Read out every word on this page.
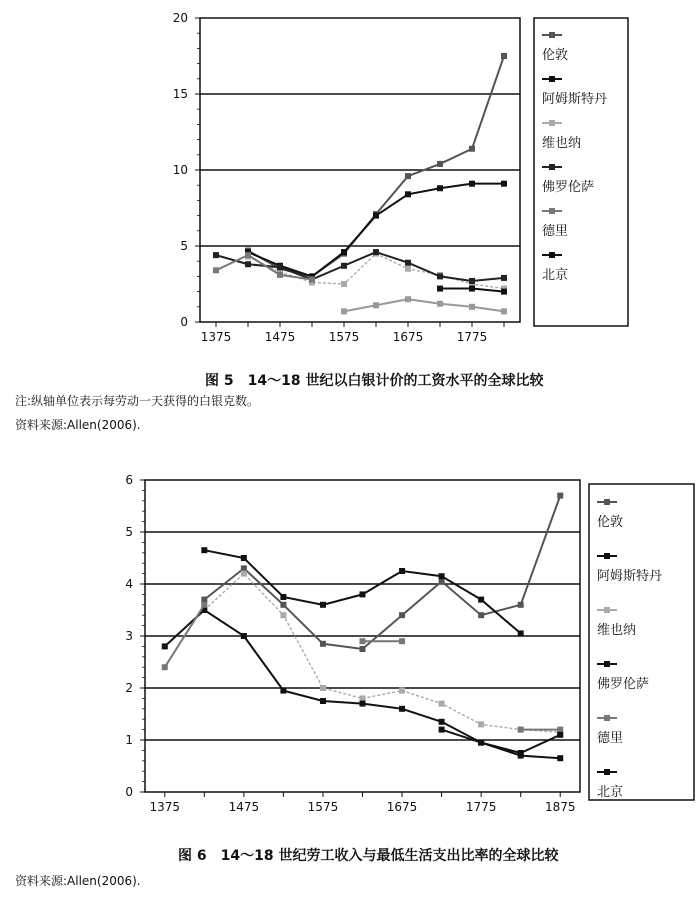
0
5
10
15
20
1375	1475	1575	1675	1775
伦敦
阿姆斯特丹
维也纳
佛罗伦萨
德里
北京
0
1
2
3
4
5
6
1375	1475	1575	1675	1775	1875
伦敦
阿姆斯特丹
维也纳
佛罗伦萨
德里
北京
图 5　14～18 世纪以白银计价的工资水平的全球比较
注:纵轴单位表示每劳动一天获得的白银克数。
资料来源:Allen(2006).
图 6　14～18 世纪劳工收入与最低生活支出比率的全球比较
资料来源:Allen(2006).
